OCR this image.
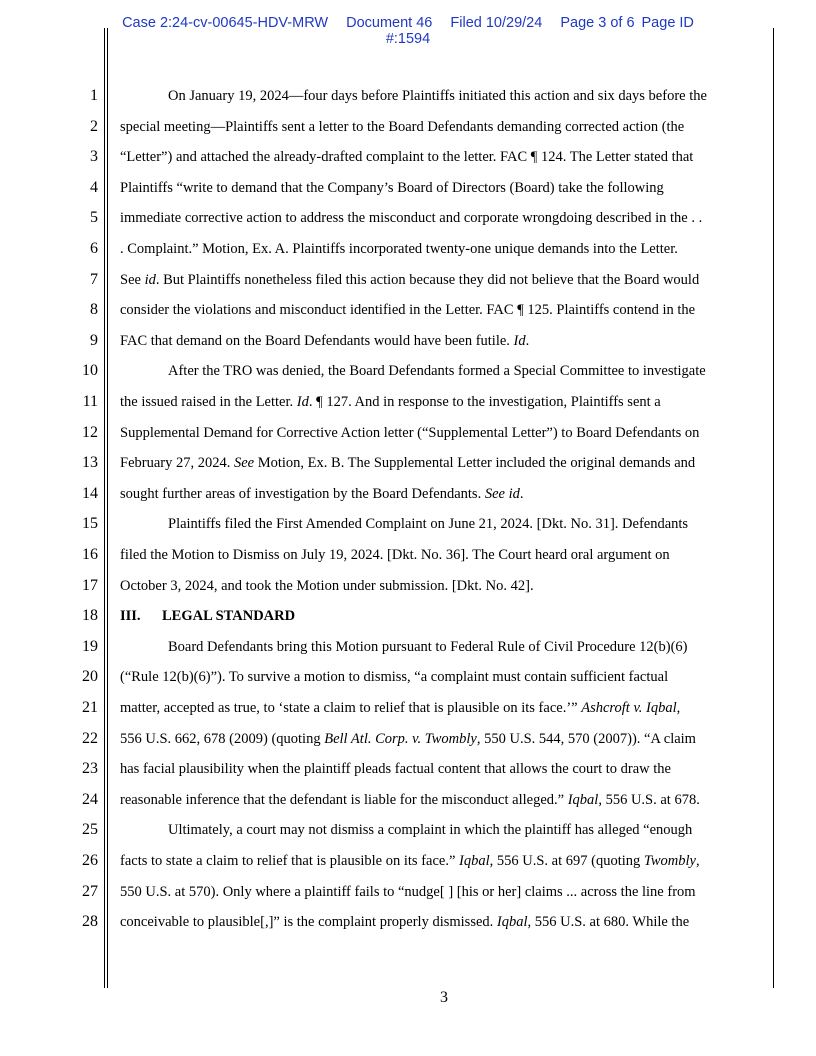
Case 2:24-cv-00645-HDV-MRW Document 46 Filed 10/29/24 Page 3 of 6 Page ID
#:1594
1
2
3
4
5
6
7
8
9
10
11
12
13
14
15
16
17
18
19
20
21
22
23
24
25
26
27
28
On January 19, 2024—four days before Plaintiffs initiated this action and six days before the
special meeting—Plaintiffs sent a letter to the Board Defendants demanding corrected action (the
“Letter”) and attached the already-drafted complaint to the letter. FAC ¶ 124. The Letter stated that
Plaintiffs “write to demand that the Company’s Board of Directors (Board) take the following
immediate corrective action to address the misconduct and corporate wrongdoing described in the . .
. Complaint.” Motion, Ex. A. Plaintiffs incorporated twenty-one unique demands into the Letter.
See id. But Plaintiffs nonetheless filed this action because they did not believe that the Board would
consider the violations and misconduct identified in the Letter. FAC ¶ 125. Plaintiffs contend in the
FAC that demand on the Board Defendants would have been futile. Id.
After the TRO was denied, the Board Defendants formed a Special Committee to investigate
the issued raised in the Letter. Id. ¶ 127. And in response to the investigation, Plaintiffs sent a
Supplemental Demand for Corrective Action letter (“Supplemental Letter”) to Board Defendants on
February 27, 2024. See Motion, Ex. B. The Supplemental Letter included the original demands and
sought further areas of investigation by the Board Defendants. See id.
Plaintiffs filed the First Amended Complaint on June 21, 2024. [Dkt. No. 31]. Defendants
filed the Motion to Dismiss on July 19, 2024. [Dkt. No. 36]. The Court heard oral argument on
October 3, 2024, and took the Motion under submission. [Dkt. No. 42].
III. LEGAL STANDARD
Board Defendants bring this Motion pursuant to Federal Rule of Civil Procedure 12(b)(6)
(“Rule 12(b)(6)”). To survive a motion to dismiss, “a complaint must contain sufficient factual
matter, accepted as true, to ‘state a claim to relief that is plausible on its face.’” Ashcroft v. Iqbal,
556 U.S. 662, 678 (2009) (quoting Bell Atl. Corp. v. Twombly, 550 U.S. 544, 570 (2007)). “A claim
has facial plausibility when the plaintiff pleads factual content that allows the court to draw the
reasonable inference that the defendant is liable for the misconduct alleged.” Iqbal, 556 U.S. at 678.
Ultimately, a court may not dismiss a complaint in which the plaintiff has alleged “enough
facts to state a claim to relief that is plausible on its face.” Iqbal, 556 U.S. at 697 (quoting Twombly,
550 U.S. at 570). Only where a plaintiff fails to “nudge[ ] [his or her] claims ... across the line from
conceivable to plausible[,]” is the complaint properly dismissed. Iqbal, 556 U.S. at 680. While the
3
